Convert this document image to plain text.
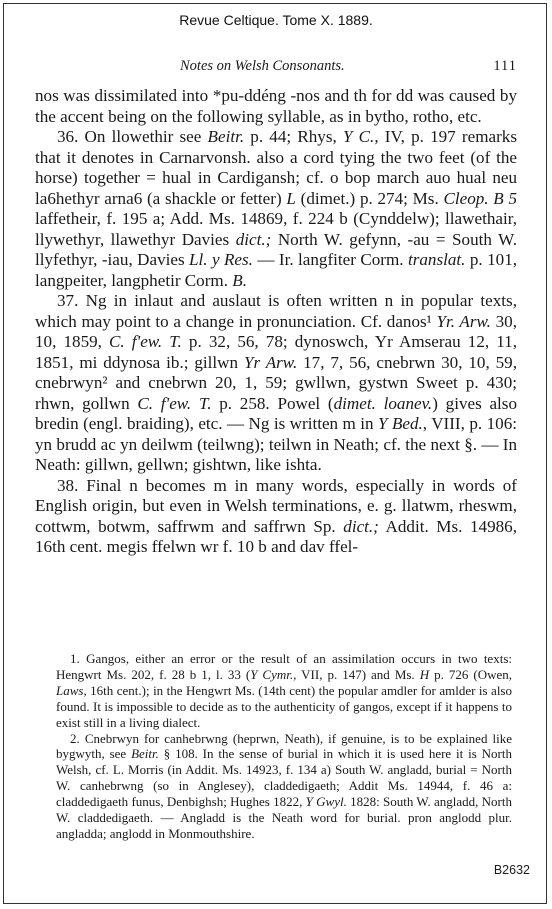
Revue Celtique. Tome X. 1889.
Notes on Welsh Consonants.	111

nos was dissimilated into *pu-ddéng -nos and th for dd was caused by the accent being on the following syllable, as in bytho, rotho, etc.

36. On llowethir see Beitr. p. 44; Rhys, Y C., IV, p. 197 remarks that it denotes in Carnarvonsh. also a cord tying the two feet (of the horse) together = hual in Cardigansh; cf. o bop march auo hual neu la6hethyr arna6 (a shackle or fetter) L (dimet.) p. 274; Ms. Cleop. B 5 laffetheir, f. 195 a; Add. Ms. 14869, f. 224 b (Cynddelw); llawethair, llywethyr, llawethyr Davies dict.; North W. gefynn, -au = South W. llyfethyr, -iau, Davies Ll. y Res. — Ir. langfiter Corm. translat. p. 101, langpeiter, langphetir Corm. B.

37. Ng in inlaut and auslaut is often written n in popular texts, which may point to a change in pronunciation. Cf. danos¹ Yr. Arw. 30, 10, 1859, C. f'ew. T. p. 32, 56, 78; dynoswch, Yr Amserau 12, 11, 1851, mi ddynosa ib.; gillwn Yr Arw. 17, 7, 56, cnebrwn 30, 10, 59, cnebrwyn² and cnebrwn 20, 1, 59; gwllwn, gystwn Sweet p. 430; rhwn, gollwn C. f'ew. T. p. 258. Powel (dimet. loanev.) gives also bredin (engl. braiding), etc. — Ng is written m in Y Bed., VIII, p. 106: yn brudd ac yn deilwm (teilwng); teilwn in Neath; cf. the next §. — In Neath: gillwn, gellwn; gishtwn, like ishta.

38. Final n becomes m in many words, especially in words of English origin, but even in Welsh terminations, e. g. llatwm, rheswm, cottwm, botwm, saffrwm and saffrwn Sp. dict.; Addit. Ms. 14986, 16th cent. megis ffelwn wr f. 10 b and dav ffel-

1. Gangos, either an error or the result of an assimilation occurs in two texts: Hengwrt Ms. 202, f. 28 b 1, l. 33 (Y Cymr., VII, p. 147) and Ms. H p. 726 (Owen, Laws, 16th cent.); in the Hengwrt Ms. (14th cent) the popular amdler for amlder is also found. It is impossible to decide as to the authenticity of gangos, except if it happens to exist still in a living dialect.

2. Cnebrwyn for canhebrwng (heprwn, Neath), if genuine, is to be explained like bygwyth, see Beitr. § 108. In the sense of burial in which it is used here it is North Welsh, cf. L. Morris (in Addit. Ms. 14923, f. 134 a) South W. angladd, burial = North W. canhebrwng (so in Anglesey), claddedigaeth; Addit Ms. 14944, f. 46 a: claddedigaeth funus, Denbighsh; Hughes 1822, Y Gwyl. 1828: South W. angladd, North W. claddedigaeth. — Angladd is the Neath word for burial. pron anglodd plur. angladda; anglodd in Monmouthshire.

B2632
